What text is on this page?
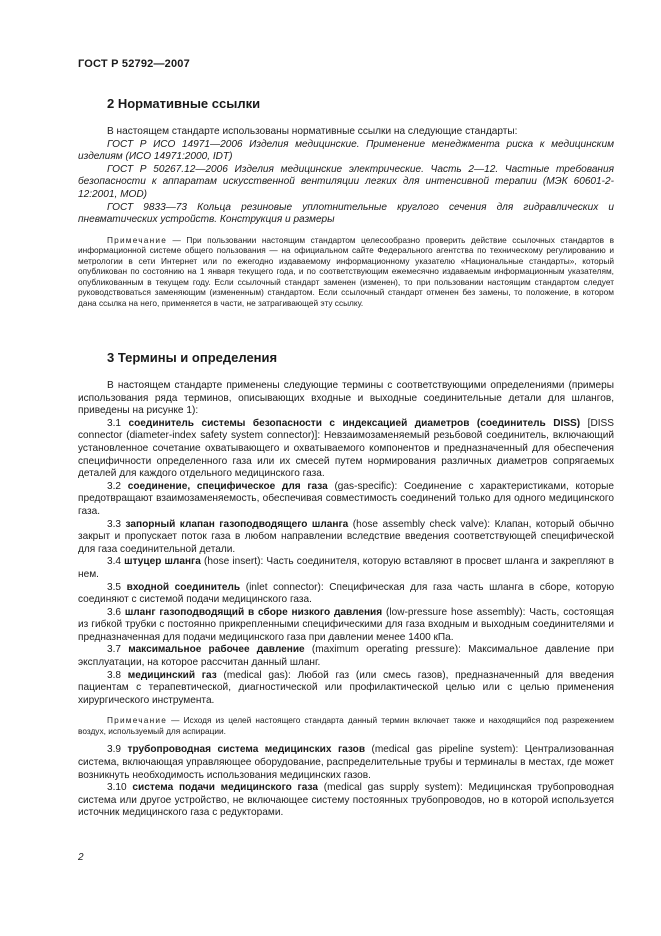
ГОСТ Р 52792—2007
2 Нормативные ссылки

В настоящем стандарте использованы нормативные ссылки на следующие стандарты:

ГОСТ Р ИСО 14971—2006 Изделия медицинские. Применение менеджмента риска к медицинским изделиям (ИСО 14971:2000, IDT)

ГОСТ Р 50267.12—2006 Изделия медицинские электрические. Часть 2—12. Частные требования безопасности к аппаратам искусственной вентиляции легких для интенсивной терапии (МЭК 60601-2-12:2001, MOD)

ГОСТ 9833—73 Кольца резиновые уплотнительные круглого сечения для гидравлических и пневматических устройств. Конструкция и размеры

Примечание — При пользовании настоящим стандартом целесообразно проверить действие ссылочных стандартов в информационной системе общего пользования — на официальном сайте Федерального агентства по техническому регулированию и метрологии в сети Интернет или по ежегодно издаваемому информационному указателю «Национальные стандарты», который опубликован по состоянию на 1 января текущего года, и по соответствующим ежемесячно издаваемым информационным указателям, опубликованным в текущем году. Если ссылочный стандарт заменен (изменен), то при пользовании настоящим стандартом следует руководствоваться заменяющим (измененным) стандартом. Если ссылочный стандарт отменен без замены, то положение, в котором дана ссылка на него, применяется в части, не затрагивающей эту ссылку.

3 Термины и определения

В настоящем стандарте применены следующие термины с соответствующими определениями (примеры использования ряда терминов, описывающих входные и выходные соединительные детали для шлангов, приведены на рисунке 1):

3.1 соединитель системы безопасности с индексацией диаметров (соединитель DISS) [DISS connector (diameter-index safety system connector)]: Невзаимозаменяемый резьбовой соединитель, включающий установленное сочетание охватывающего и охватываемого компонентов и предназначенный для обеспечения специфичности определенного газа или их смесей путем нормирования различных диаметров сопрягаемых деталей для каждого отдельного медицинского газа.

3.2 соединение, специфическое для газа (gas-specific): Соединение с характеристиками, которые предотвращают взаимозаменяемость, обеспечивая совместимость соединений только для одного медицинского газа.

3.3 запорный клапан газоподводящего шланга (hose assembly check valve): Клапан, который обычно закрыт и пропускает поток газа в любом направлении вследствие введения соответствующей специфической для газа соединительной детали.

3.4 штуцер шланга (hose insert): Часть соединителя, которую вставляют в просвет шланга и закрепляют в нем.

3.5 входной соединитель (inlet connector): Специфическая для газа часть шланга в сборе, которую соединяют с системой подачи медицинского газа.

3.6 шланг газоподводящий в сборе низкого давления (low-pressure hose assembly): Часть, состоящая из гибкой трубки с постоянно прикрепленными специфическими для газа входным и выходным соединителями и предназначенная для подачи медицинского газа при давлении менее 1400 кПа.

3.7 максимальное рабочее давление (maximum operating pressure): Максимальное давление при эксплуатации, на которое рассчитан данный шланг.

3.8 медицинский газ (medical gas): Любой газ (или смесь газов), предназначенный для введения пациентам с терапевтической, диагностической или профилактической целью или с целью применения хирургического инструмента.

Примечание — Исходя из целей настоящего стандарта данный термин включает также и находящийся под разрежением воздух, используемый для аспирации.

3.9 трубопроводная система медицинских газов (medical gas pipeline system): Централизованная система, включающая управляющее оборудование, распределительные трубы и терминалы в местах, где может возникнуть необходимость использования медицинских газов.

3.10 система подачи медицинского газа (medical gas supply system): Медицинская трубопроводная система или другое устройство, не включающее систему постоянных трубопроводов, но в которой используется источник медицинского газа с редукторами.

2
